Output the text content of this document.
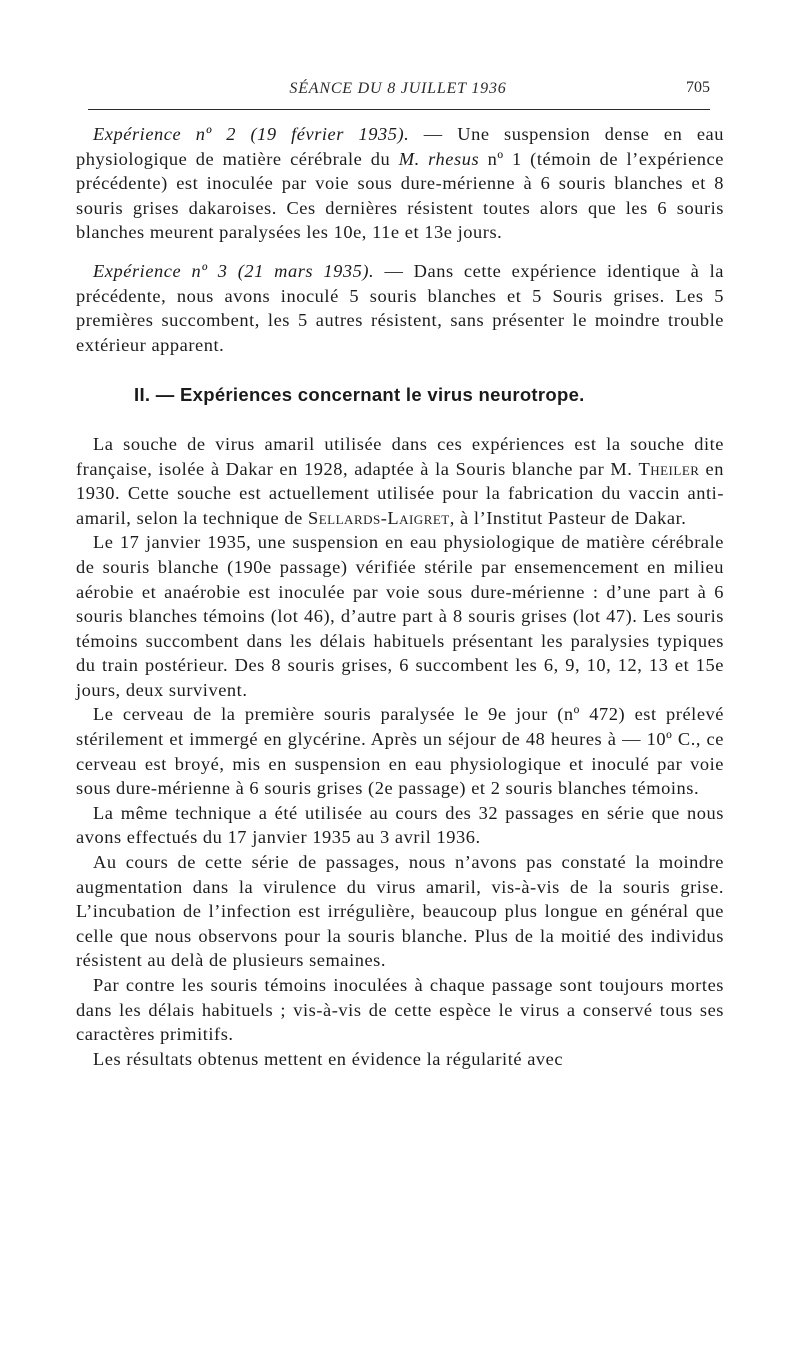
SÉANCE DU 8 JUILLET 1936	705

Expérience nº 2 (19 février 1935). — Une suspension dense en eau physiologique de matière cérébrale du M. rhesus nº 1 (témoin de l’expérience précédente) est inoculée par voie sous dure-mérienne à 6 souris blanches et 8 souris grises dakaroises. Ces dernières résistent toutes alors que les 6 souris blanches meurent paralysées les 10e, 11e et 13e jours.

Expérience nº 3 (21 mars 1935). — Dans cette expérience identique à la précédente, nous avons inoculé 5 souris blanches et 5 Souris grises. Les 5 premières succombent, les 5 autres résistent, sans présenter le moindre trouble extérieur apparent.

II. — Expériences concernant le virus neurotrope.

La souche de virus amaril utilisée dans ces expériences est la souche dite française, isolée à Dakar en 1928, adaptée à la Souris blanche par M. Theiler en 1930. Cette souche est actuellement utilisée pour la fabrication du vaccin anti-amaril, selon la technique de Sellards-Laigret, à l’Institut Pasteur de Dakar.

Le 17 janvier 1935, une suspension en eau physiologique de matière cérébrale de souris blanche (190e passage) vérifiée stérile par ensemencement en milieu aérobie et anaérobie est inoculée par voie sous dure-mérienne : d’une part à 6 souris blanches témoins (lot 46), d’autre part à 8 souris grises (lot 47). Les souris témoins succombent dans les délais habituels présentant les paralysies typiques du train postérieur. Des 8 souris grises, 6 succombent les 6, 9, 10, 12, 13 et 15e jours, deux survivent.

Le cerveau de la première souris paralysée le 9e jour (nº 472) est prélevé stérilement et immergé en glycérine. Après un séjour de 48 heures à — 10º C., ce cerveau est broyé, mis en suspension en eau physiologique et inoculé par voie sous dure-mérienne à 6 souris grises (2e passage) et 2 souris blanches témoins.

La même technique a été utilisée au cours des 32 passages en série que nous avons effectués du 17 janvier 1935 au 3 avril 1936.

Au cours de cette série de passages, nous n’avons pas constaté la moindre augmentation dans la virulence du virus amaril, vis-à-vis de la souris grise. L’incubation de l’infection est irrégulière, beaucoup plus longue en général que celle que nous observons pour la souris blanche. Plus de la moitié des individus résistent au delà de plusieurs semaines.

Par contre les souris témoins inoculées à chaque passage sont toujours mortes dans les délais habituels ; vis-à-vis de cette espèce le virus a conservé tous ses caractères primitifs.

Les résultats obtenus mettent en évidence la régularité avec
